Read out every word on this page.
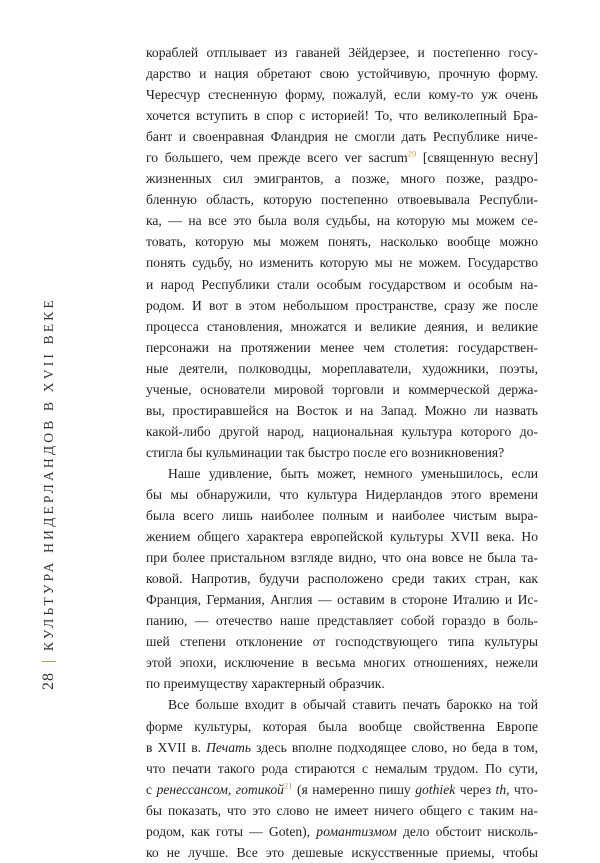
28
КУЛЬТУРА НИДЕРЛАНДОВ В XVII ВЕКЕ

кораблей отплывает из гаваней Зёйдерзее, и постепенно госу-
дарство и нация обретают свою устойчивую, прочную форму.
Чересчур стесненную форму, пожалуй, если кому-то уж очень
хочется вступить в спор с историей! То, что великолепный Бра-
бант и своенравная Фландрия не смогли дать Республике ниче-
го большего, чем прежде всего ver sacrum$^{20}$ [священную весну]
жизненных сил эмигрантов, а позже, много позже, раздро-
бленную область, которую постепенно отвоевывала Республи-
ка, — на все это была воля судьбы, на которую мы можем се-
товать, которую мы можем понять, насколько вообще можно
понять судьбу, но изменить которую мы не можем. Государство
и народ Республики стали особым государством и особым на-
родом. И вот в этом небольшом пространстве, сразу же после
процесса становления, множатся и великие деяния, и великие
персонажи на протяжении менее чем столетия: государствен-
ные деятели, полководцы, мореплаватели, художники, поэты,
ученые, основатели мировой торговли и коммерческой держа-
вы, простиравшейся на Восток и на Запад. Можно ли назвать
какой-либо другой народ, национальная культура которого до-
стигла бы кульминации так быстро после его возникновения?

Наше удивление, быть может, немного уменьшилось, если
бы мы обнаружили, что культура Нидерландов этого времени
была всего лишь наиболее полным и наиболее чистым выра-
жением общего характера европейской культуры XVII века. Но
при более пристальном взгляде видно, что она вовсе не была та-
ковой. Напротив, будучи расположено среди таких стран, как
Франция, Германия, Англия — оставим в стороне Италию и Ис-
панию, — отечество наше представляет собой гораздо в боль-
шей степени отклонение от господствующего типа культуры
этой эпохи, исключение в весьма многих отношениях, нежели
по преимуществу характерный образчик.

Все больше входит в обычай ставить печать барокко на той
форме культуры, которая была вообще свойственна Европе
в XVII в. Печать здесь вполне подходящее слово, но беда в том,
что печати такого рода стираются с немалым трудом. По сути,
с ренессансом, готикой$^{21}$ (я намеренно пишу gothiek через th, что-
бы показать, что это слово не имеет ничего общего с таким на-
родом, как готы — Goten), романтизмом дело обстоит нисколь-
ко не лучше. Все это дешевые искусственные приемы, чтобы
